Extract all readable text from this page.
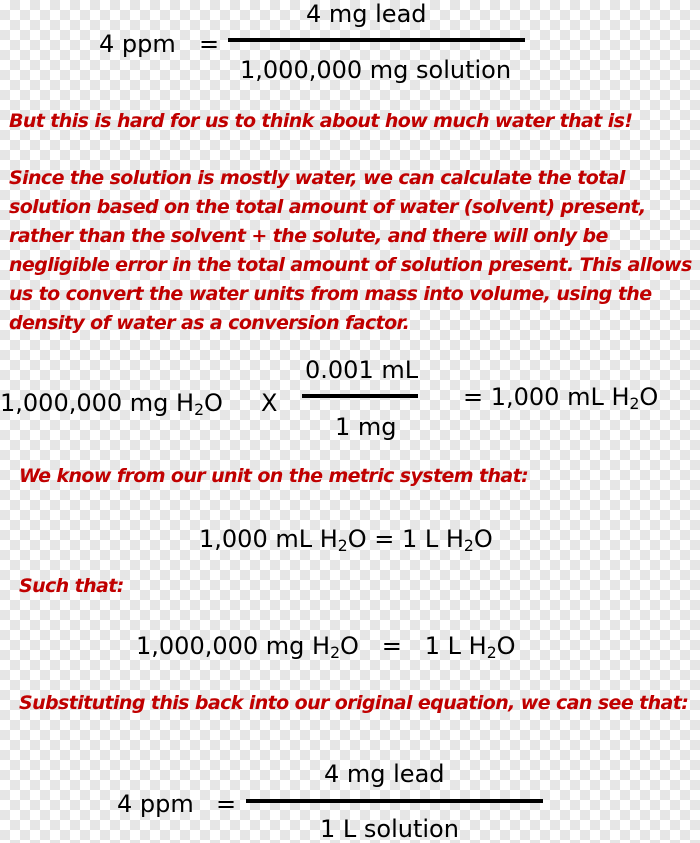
4 ppm =
4 mg lead
1,000,000 mg solution
But this is hard for us to think about how much water that is!
Since the solution is mostly water, we can calculate the total solution based on the total amount of water (solvent) present, rather than the solvent + the solute, and there will only be negligible error in the total amount of solution present. This allows us to convert the water units from mass into volume, using the density of water as a conversion factor.
1,000,000 mg $H_2O$ X
0.001 mL
1 mg
= 1,000 mL $H_2O$
We know from our unit on the metric system that:
1,000 mL $H_2O = 1$ L $H_2O$
Such that:
1,000,000 mg $H_2O = 1$ L $H_2O$
Substituting this back into our original equation, we can see that:
4 ppm =
4 mg lead
1 L solution
